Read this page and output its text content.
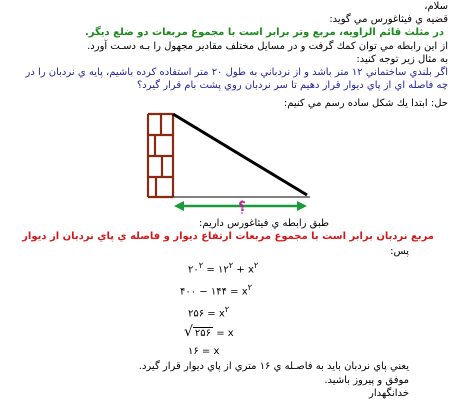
سلام،
قضيه ي فيثاغورس مي گويد:
در مثلث قائم الزاويه، مربع وتر برابر است با مجموع مربعات دو ضلع ديگر.
از اين رابطه مي توان كمك گرفت و در مسايل مختلف مقادير مجهول را بـه دسـت آورد.
به مثال زير توجه كنيد:
اگر بلندي ساختماني ۱۲ متر باشد و از نردباني به طول ۲۰ متر استفاده كرده باشيم، پايه ي نردبان را در
چه فاصله اي از پاي ديوار قرار دهيم تا سر نردبان روي پشت بام قرار گيرد؟
حل: ابتدا يك شكل ساده رسم مي كنيم:
؟
طبق رابطه ي فيثاغورس داريم:
مربع نردبان برابر است با مجموع مربعات ارتفاع ديوار و فاصله ي پاي نردبان از ديوار
پس:
$۲۰^۲$ = $۱۲^۲ + x^۲$
۴۰۰ − ۱۴۴ = $x^۲$
۲۵۶ = $x^۲$
√ ۲۵۶ = x
۱۶ = x
يعني پاي نردبان بايد به فاصـله ي ۱۶ متري از پاي ديوار قرار گيرد.
موفق و پيروز باشيد.
خدانگهدار
